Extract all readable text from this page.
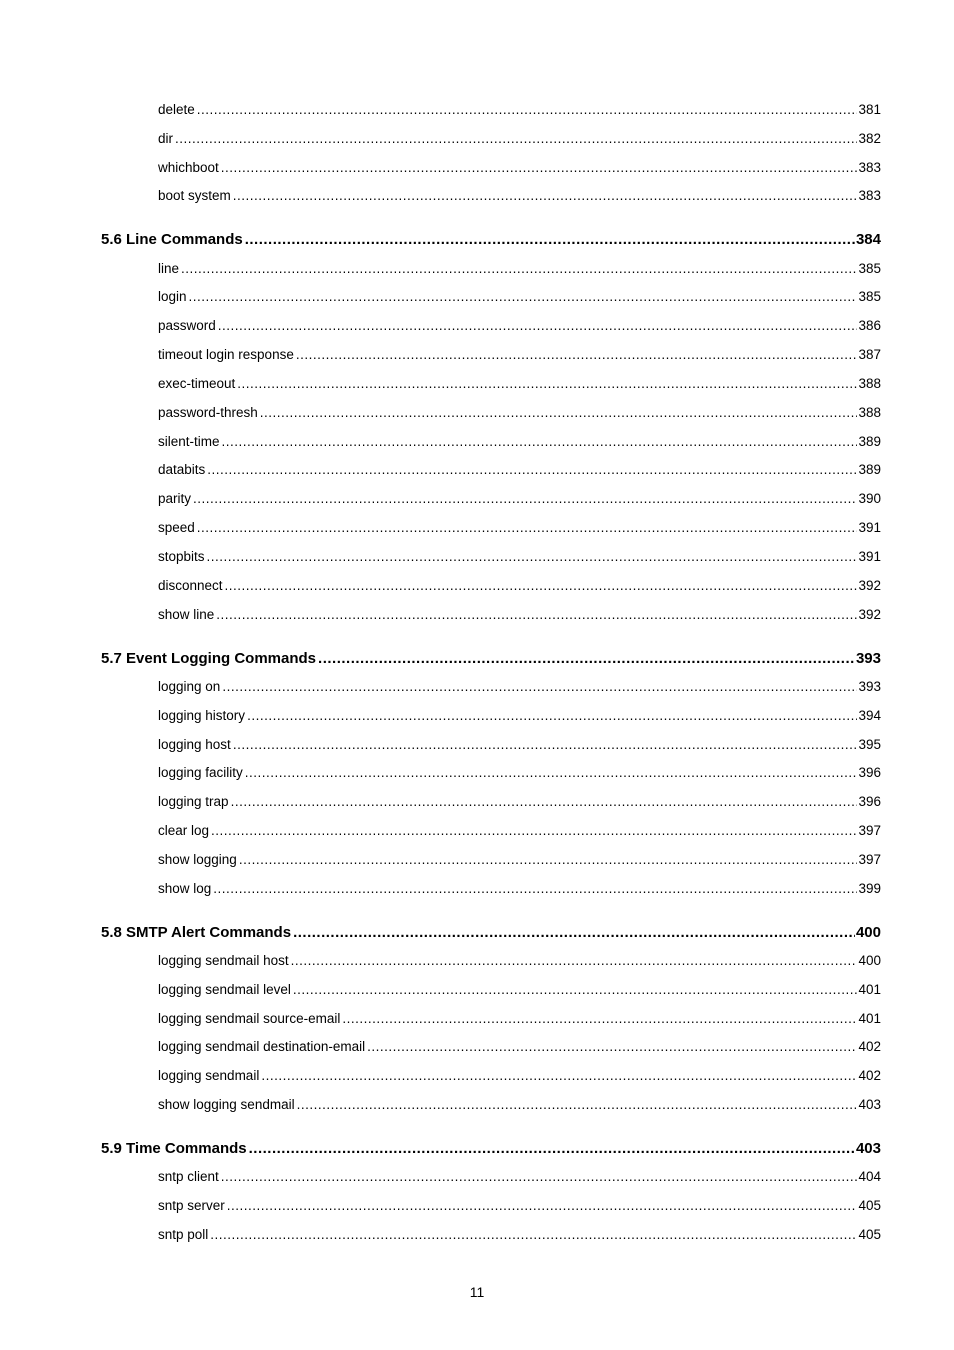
delete .....	381
dir .....	382
whichboot .....	383
boot system .....	383
5.6 Line Commands .....	384
line .....	385
login .....	385
password .....	386
timeout login response .....	387
exec-timeout .....	388
password-thresh .....	388
silent-time .....	389
databits .....	389
parity .....	390
speed .....	391
stopbits .....	391
disconnect .....	392
show line .....	392
5.7 Event Logging Commands .....	393
logging on .....	393
logging history .....	394
logging host .....	395
logging facility .....	396
logging trap .....	396
clear log .....	397
show logging .....	397
show log .....	399
5.8 SMTP Alert Commands .....	400
logging sendmail host .....	400
logging sendmail level .....	401
logging sendmail source-email .....	401
logging sendmail destination-email .....	402
logging sendmail .....	402
show logging sendmail .....	403
5.9 Time Commands .....	403
sntp client .....	404
sntp server .....	405
sntp poll .....	405
11
